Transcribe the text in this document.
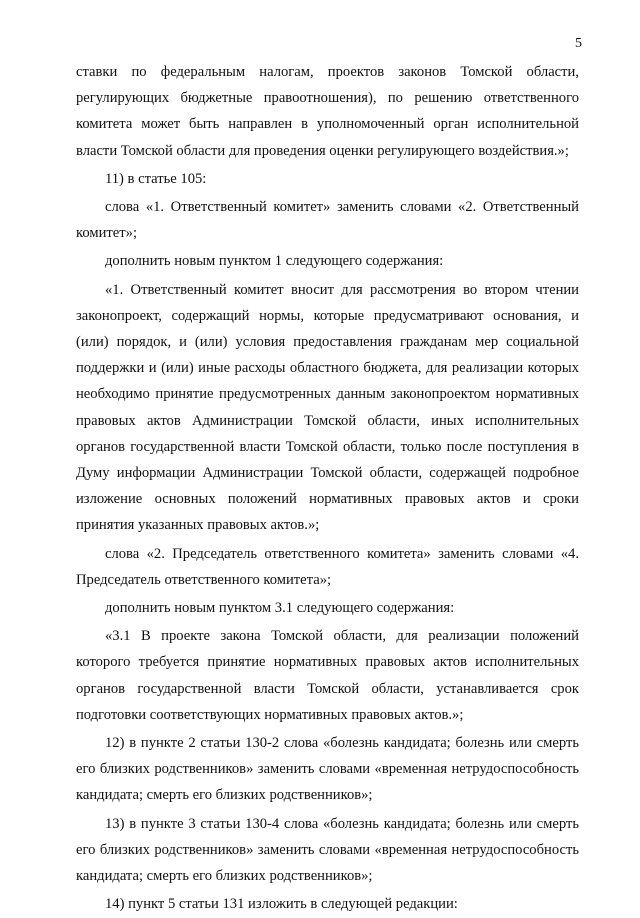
5

ставки по федеральным налогам, проектов законов Томской области, регулирующих бюджетные правоотношения), по решению ответственного комитета может быть направлен в уполномоченный орган исполнительной власти Томской области для проведения оценки регулирующего воздействия.»;

11) в статье 105:

слова «1. Ответственный комитет» заменить словами «2. Ответственный комитет»;

дополнить новым пунктом 1 следующего содержания:

«1. Ответственный комитет вносит для рассмотрения во втором чтении законопроект, содержащий нормы, которые предусматривают основания, и (или) порядок, и (или) условия предоставления гражданам мер социальной поддержки и (или) иные расходы областного бюджета, для реализации которых необходимо принятие предусмотренных данным законопроектом нормативных правовых актов Администрации Томской области, иных исполнительных органов государственной власти Томской области, только после поступления в Думу информации Администрации Томской области, содержащей подробное изложение основных положений нормативных правовых актов и сроки принятия указанных правовых актов.»;

слова «2. Председатель ответственного комитета» заменить словами «4. Председатель ответственного комитета»;

дополнить новым пунктом 3.1 следующего содержания:

«3.1 В проекте закона Томской области, для реализации положений которого требуется принятие нормативных правовых актов исполнительных органов государственной власти Томской области, устанавливается срок подготовки соответствующих нормативных правовых актов.»;

12) в пункте 2 статьи 130-2 слова «болезнь кандидата; болезнь или смерть его близких родственников» заменить словами «временная нетрудоспособность кандидата; смерть его близких родственников»;

13) в пункте 3 статьи 130-4 слова «болезнь кандидата; болезнь или смерть его близких родственников» заменить словами «временная нетрудоспособность кандидата; смерть его близких родственников»;

14) пункт 5 статьи 131 изложить в следующей редакции:
